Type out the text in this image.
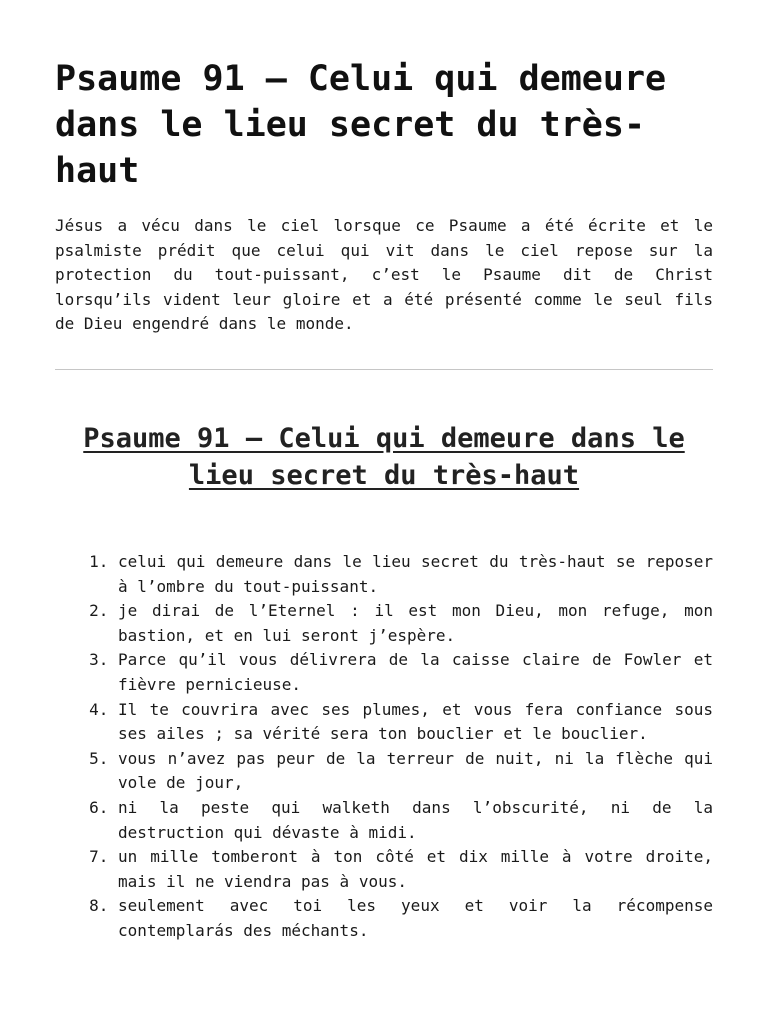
Psaume 91 – Celui qui demeure dans le lieu secret du très-haut

Jésus a vécu dans le ciel lorsque ce Psaume a été écrite et le psalmiste prédit que celui qui vit dans le ciel repose sur la protection du tout-puissant, c’est le Psaume dit de Christ lorsqu’ils vident leur gloire et a été présenté comme le seul fils de Dieu engendré dans le monde.

Psaume 91 – Celui qui demeure dans le lieu secret du très-haut
1. celui qui demeure dans le lieu secret du très-haut se reposer à l’ombre du tout-puissant.
2. je dirai de l’Eternel : il est mon Dieu, mon refuge, mon bastion, et en lui seront j’espère.
3. Parce qu’il vous délivrera de la caisse claire de Fowler et fièvre pernicieuse.
4. Il te couvrira avec ses plumes, et vous fera confiance sous ses ailes ; sa vérité sera ton bouclier et le bouclier.
5. vous n’avez pas peur de la terreur de nuit, ni la flèche qui vole de jour,
6. ni la peste qui walketh dans l’obscurité, ni de la destruction qui dévaste à midi.
7. un mille tomberont à ton côté et dix mille à votre droite, mais il ne viendra pas à vous.
8. seulement avec toi les yeux et voir la récompense contemplarás des méchants.
